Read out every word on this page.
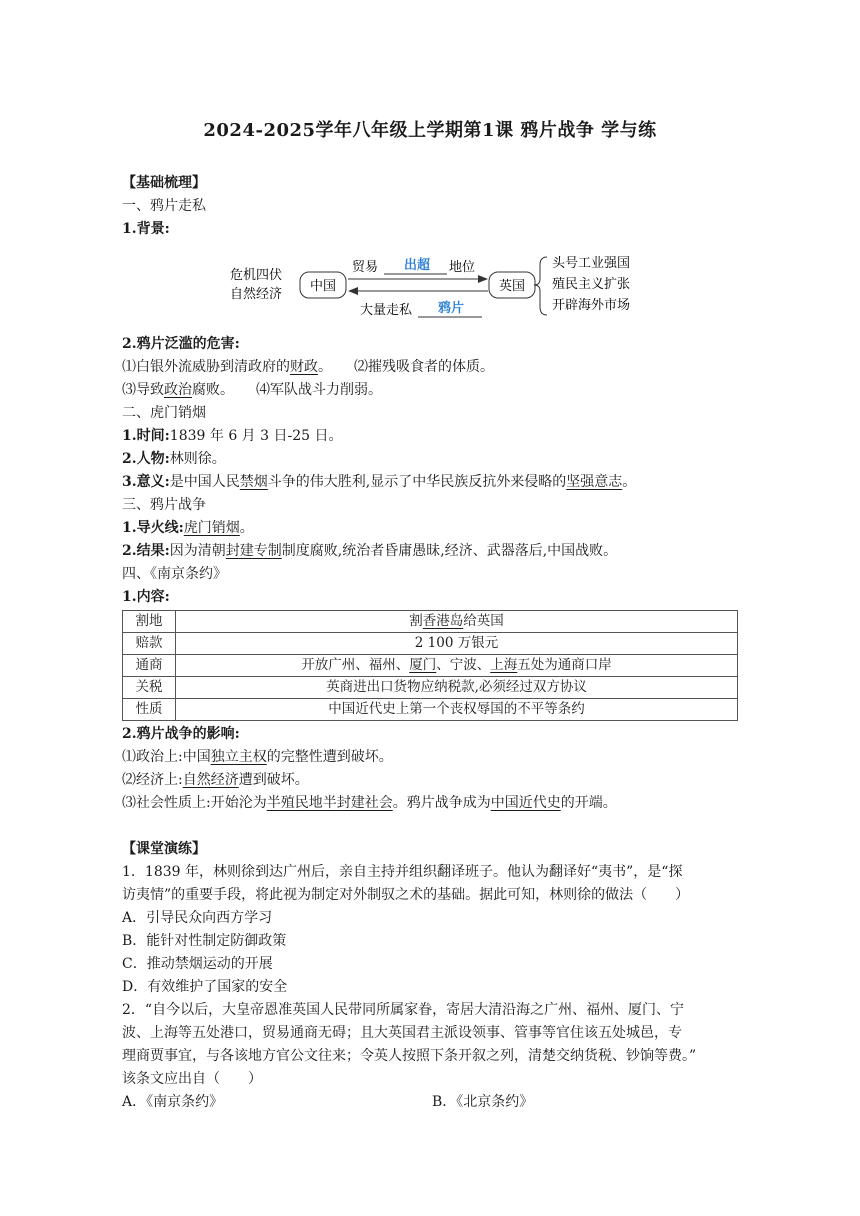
2024-2025学年八年级上学期第1课 鸦片战争 学与练
【基础梳理】
一、鸦片走私
1.背景:
危机四伏
自然经济
中国
贸易 出超 地位
英国
大量走私 鸦片
头号工业强国
殖民主义扩张
开辟海外市场
2.鸦片泛滥的危害:
⑴白银外流威胁到清政府的财政。 ⑵摧残吸食者的体质。
⑶导致政治腐败。 ⑷军队战斗力削弱。
二、虎门销烟
1.时间:1839 年 6 月 3 日-25 日。
2.人物:林则徐。
3.意义:是中国人民禁烟斗争的伟大胜利,显示了中华民族反抗外来侵略的坚强意志。
三、鸦片战争
1.导火线:虎门销烟。
2.结果:因为清朝封建专制制度腐败,统治者昏庸愚昧,经济、武器落后,中国战败。
四、《南京条约》
1.内容:
割地	割香港岛给英国
赔款	2 100 万银元
通商	开放广州、福州、厦门、宁波、上海五处为通商口岸
关税	英商进出口货物应纳税款,必须经过双方协议
性质	中国近代史上第一个丧权辱国的不平等条约
2.鸦片战争的影响:
⑴政治上:中国独立主权的完整性遭到破坏。
⑵经济上:自然经济遭到破坏。
⑶社会性质上:开始沦为半殖民地半封建社会。鸦片战争成为中国近代史的开端。
【课堂演练】
1．1839 年，林则徐到达广州后，亲自主持并组织翻译班子。他认为翻译好“夷书”，是“探
访夷情”的重要手段，将此视为制定对外制驭之术的基础。据此可知，林则徐的做法（　　）
A．引导民众向西方学习
B．能针对性制定防御政策
C．推动禁烟运动的开展
D．有效维护了国家的安全
2．“自今以后，大皇帝恩准英国人民带同所属家眷，寄居大清沿海之广州、福州、厦门、宁
波、上海等五处港口，贸易通商无碍；且大英国君主派设领事、管事等官住该五处城邑，专
理商贾事宜，与各该地方官公文往来；令英人按照下条开叙之列，清楚交纳货税、钞饷等费。”
该条文应出自（　　）
A．《南京条约》	B．《北京条约》
